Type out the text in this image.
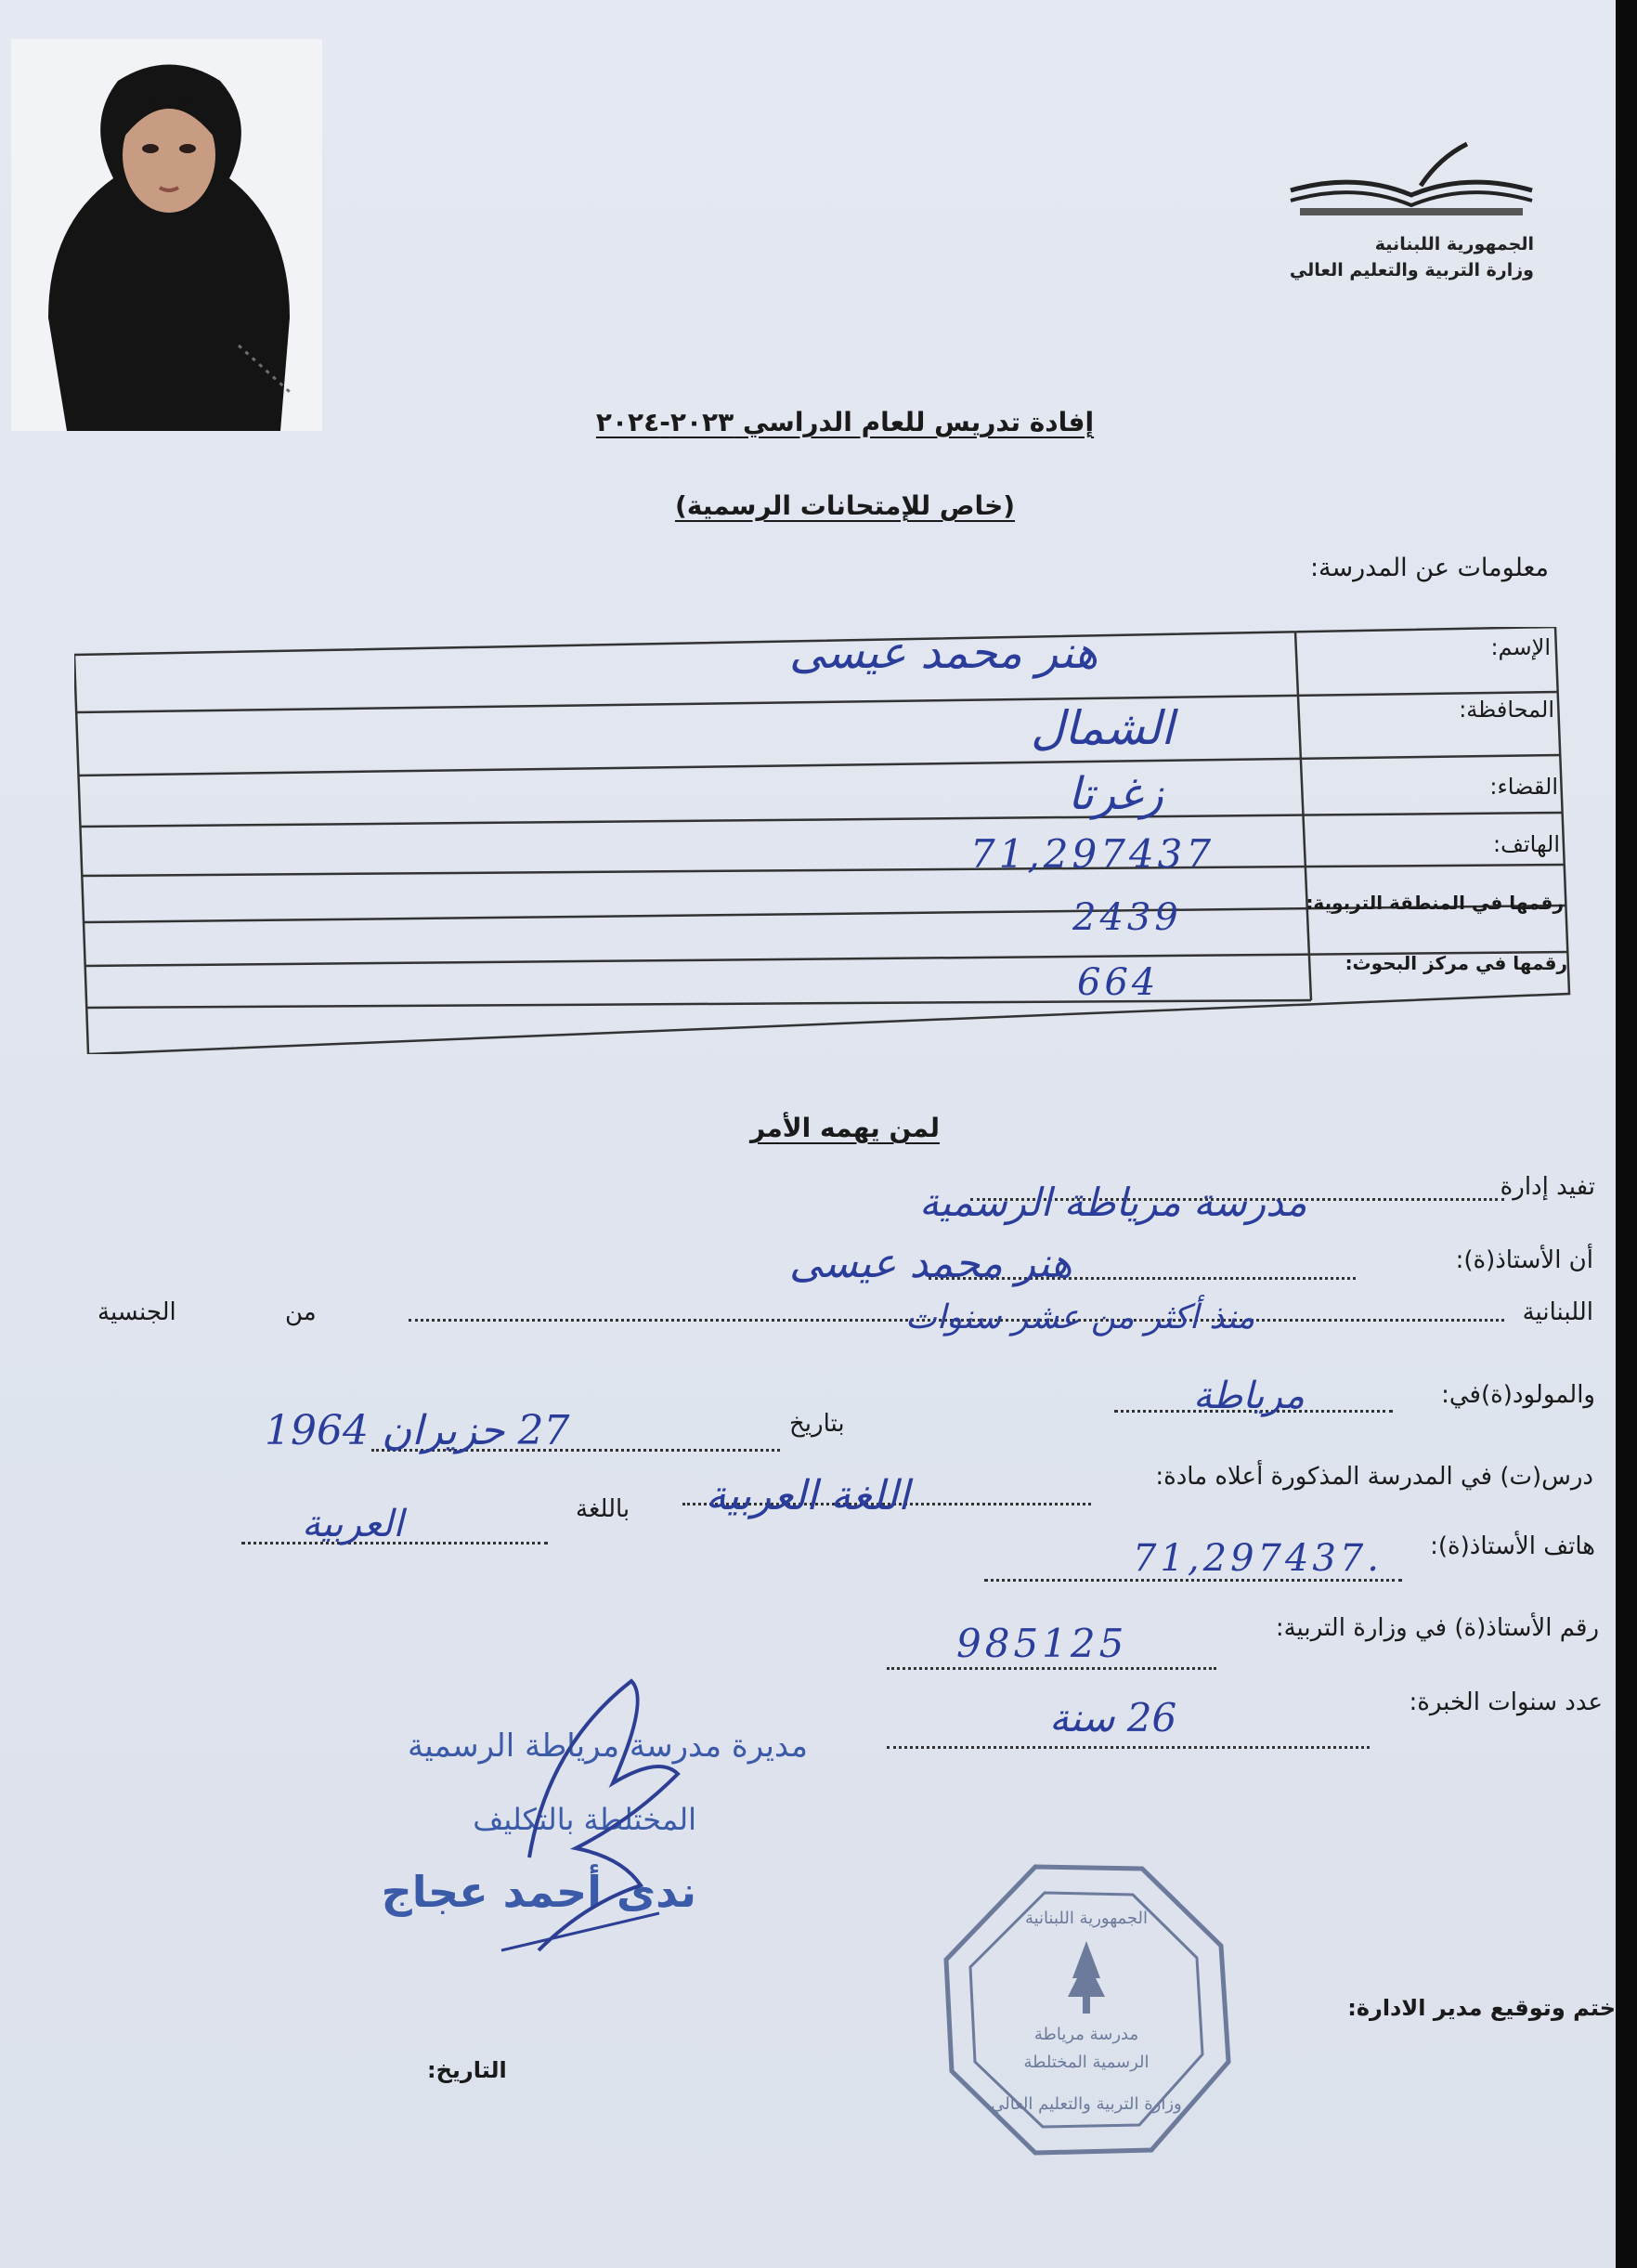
الجمهورية اللبنانية
وزارة التربية والتعليم العالي
إفادة تدريس للعام الدراسي ٢٠٢٣-٢٠٢٤
(خاص للإمتحانات الرسمية)
معلومات عن المدرسة:
الإسم:
المحافظة:
القضاء:
الهاتف:
رقمها في المنطقة التربوية:
رقمها في مركز البحوث:
هنر محمد عيسى
الشمال
زغرتا
71,297437
2439
664
لمن يهمه الأمر
تفيد إدارة
مدرسة مرياطة الرسمية
أن الأستاذ(ة):
هنر محمد عيسى
اللبنانية
منذ أكثر من عشر سنوات
من
الجنسية
والمولود(ة)في:
مرياطة
بتاريخ
27 حزيران 1964
درس(ت) في المدرسة المذكورة أعلاه مادة:
اللغة العربية
باللغة
العربية
هاتف الأستاذ(ة):
71,297437.
رقم الأستاذ(ة) في وزارة التربية:
985125
عدد سنوات الخبرة:
26 سنة
مديرة مدرسة مرياطة الرسمية
المختلطة بالتكليف
ندى أحمد عجاج
الجمهورية اللبنانية
مدرسة مرياطة
الرسمية المختلطة
وزارة التربية والتعليم العالي
ختم وتوقيع مدير الادارة:
التاريخ:
